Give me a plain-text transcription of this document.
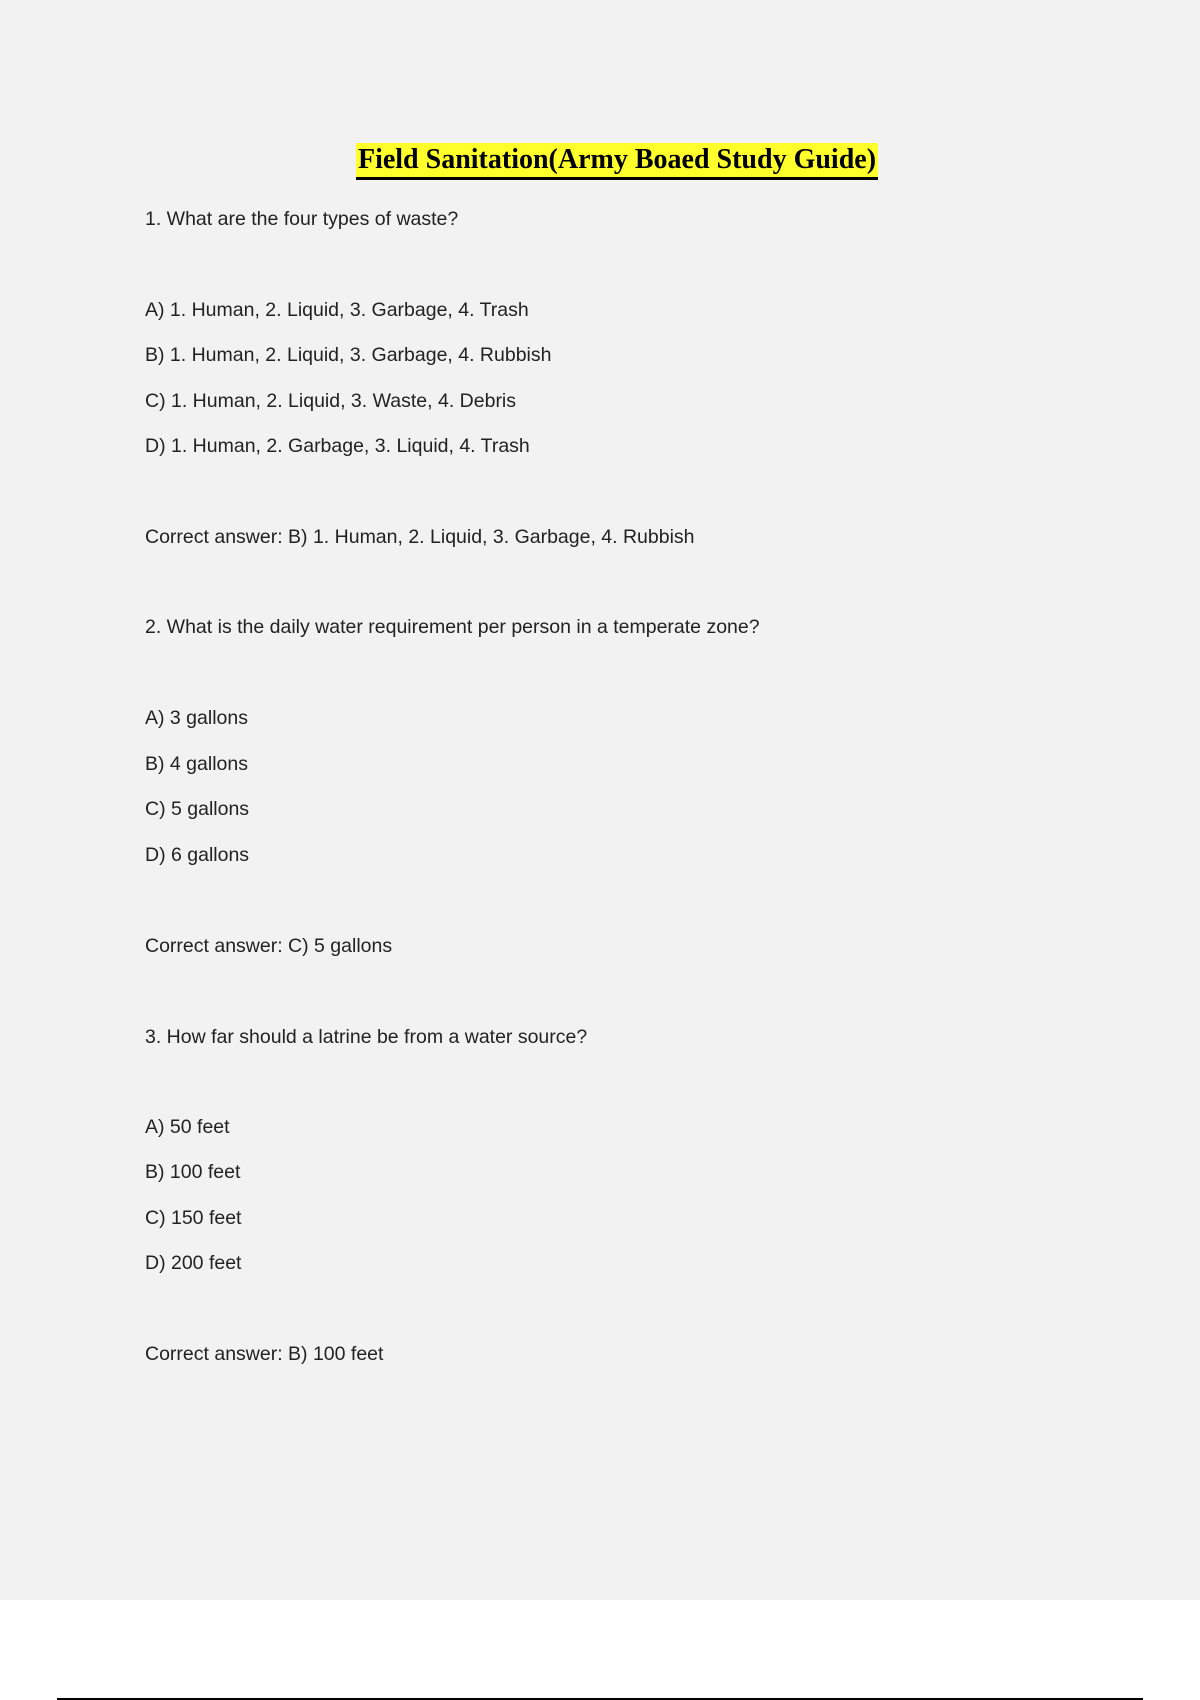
Field Sanitation(Army Boaed Study Guide)
1. What are the four types of waste?
A) 1. Human, 2. Liquid, 3. Garbage, 4. Trash
B) 1. Human, 2. Liquid, 3. Garbage, 4. Rubbish
C) 1. Human, 2. Liquid, 3. Waste, 4. Debris
D) 1. Human, 2. Garbage, 3. Liquid, 4. Trash
Correct answer: B) 1. Human, 2. Liquid, 3. Garbage, 4. Rubbish
2. What is the daily water requirement per person in a temperate zone?
A) 3 gallons
B) 4 gallons
C) 5 gallons
D) 6 gallons
Correct answer: C) 5 gallons
3. How far should a latrine be from a water source?
A) 50 feet
B) 100 feet
C) 150 feet
D) 200 feet
Correct answer: B) 100 feet
